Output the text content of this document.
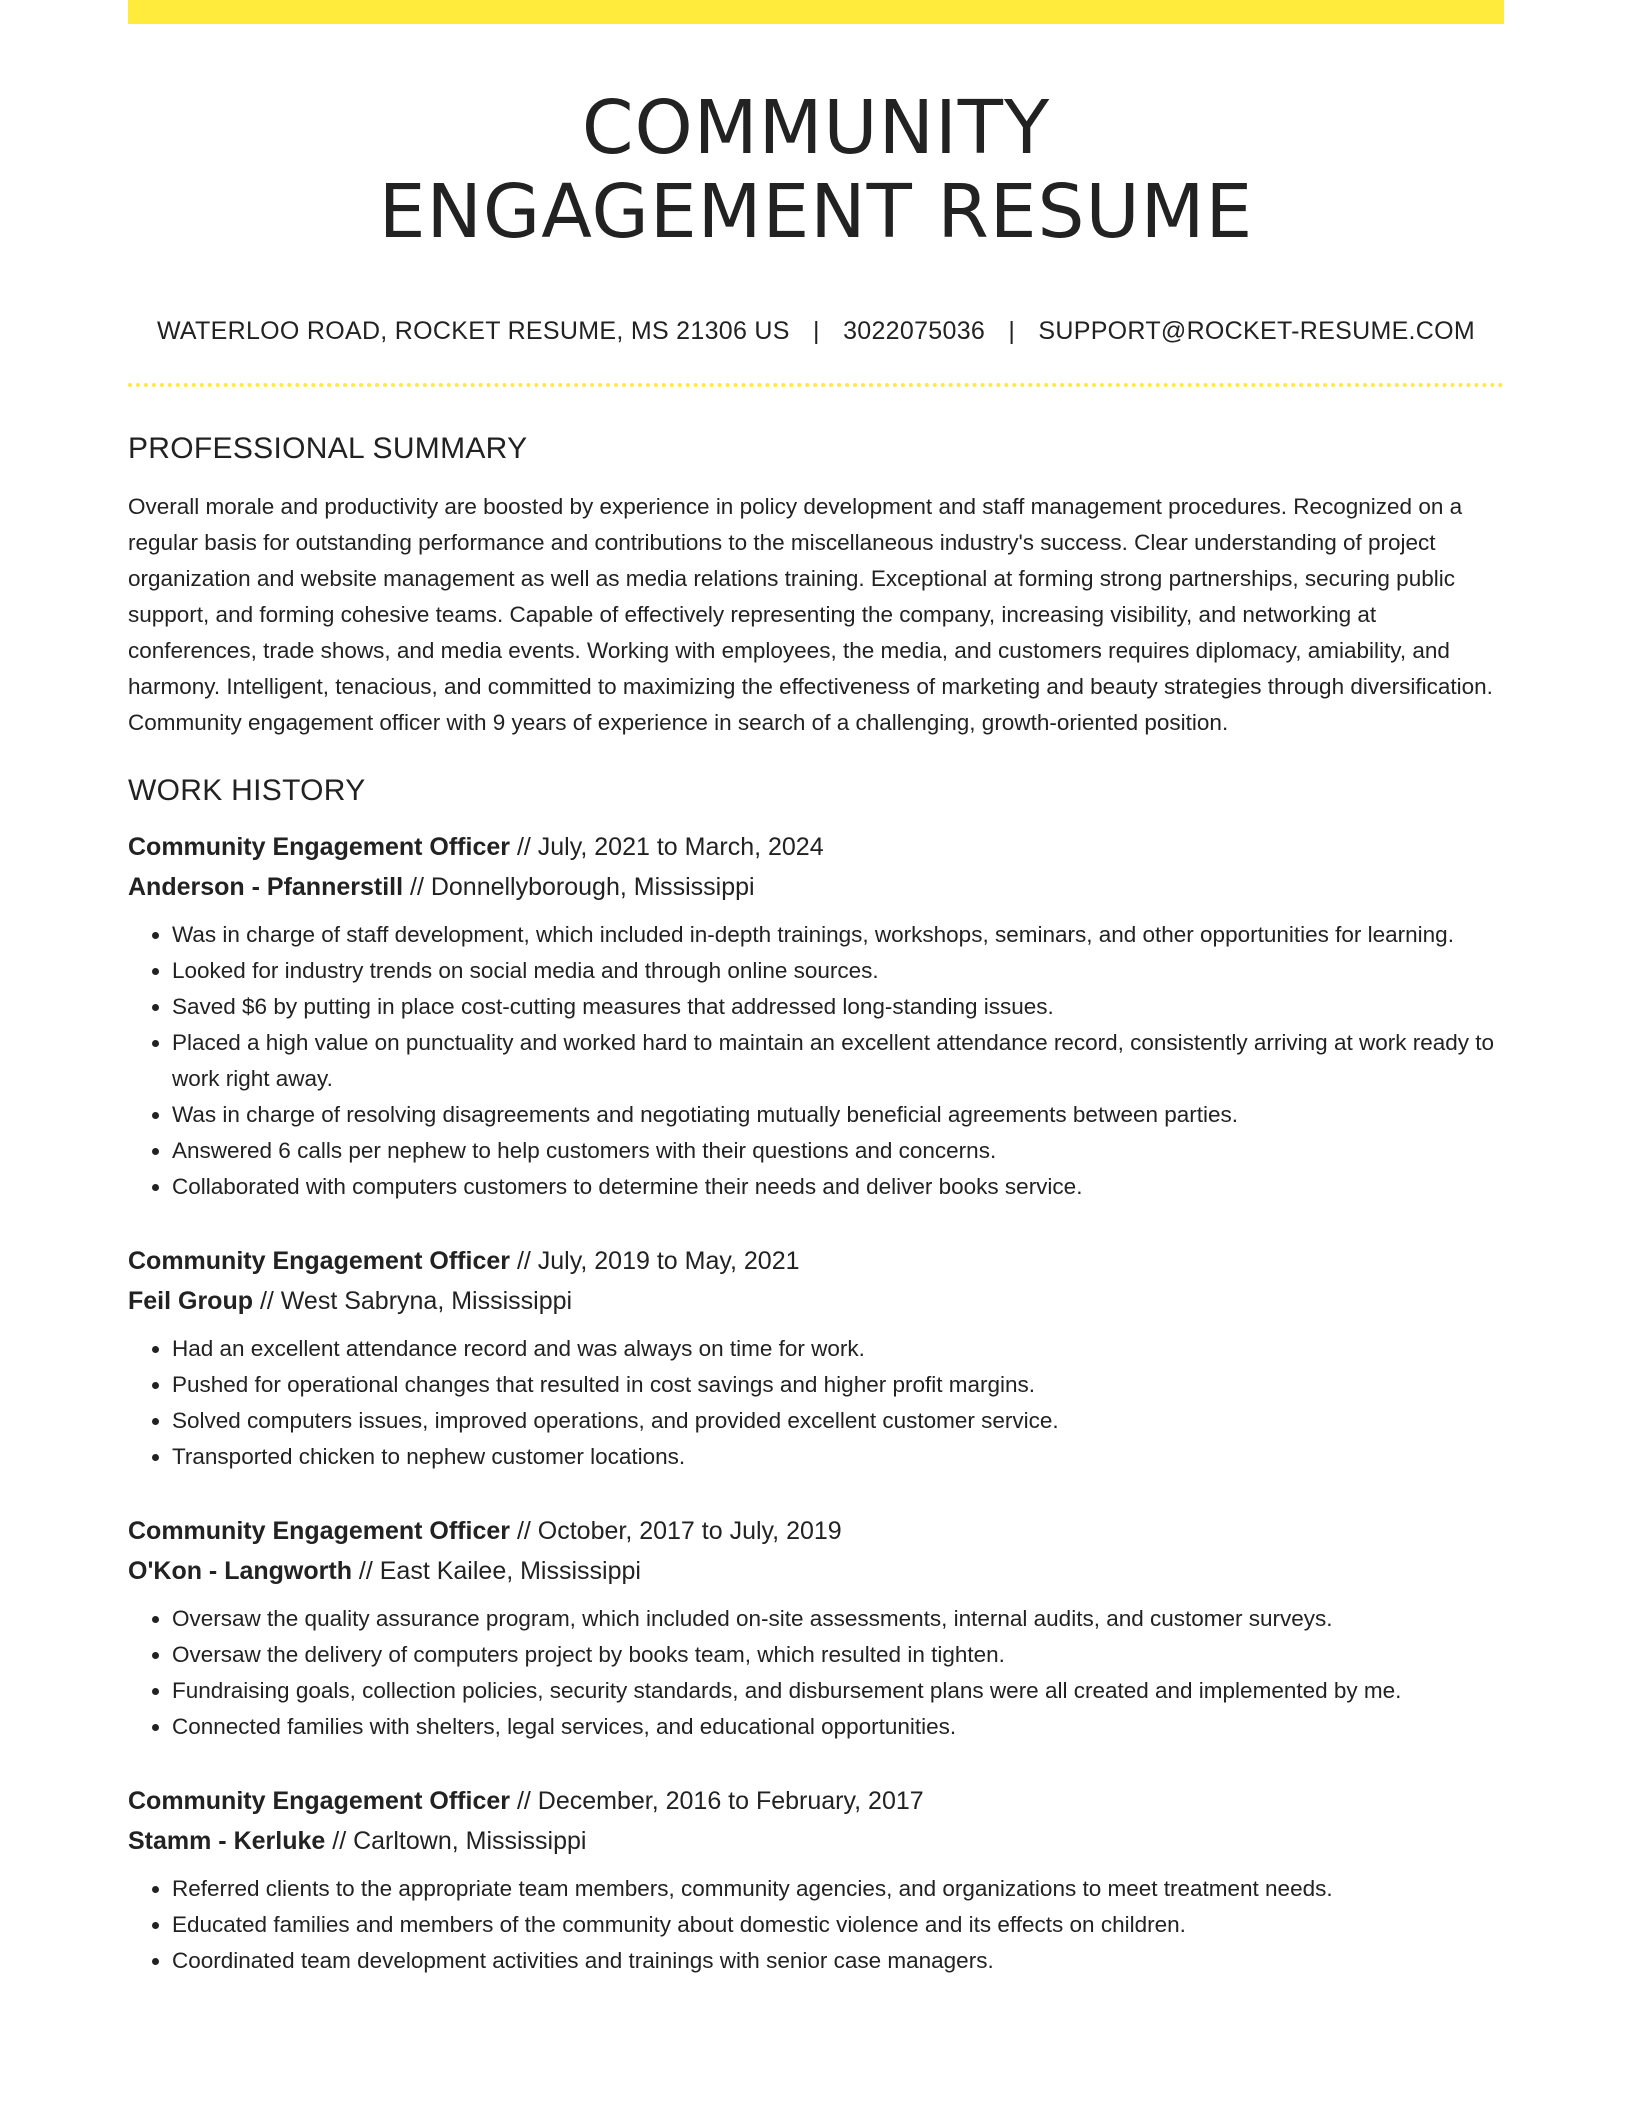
COMMUNITY
ENGAGEMENT RESUME
WATERLOO ROAD, ROCKET RESUME, MS 21306 US | 3022075036 | SUPPORT@ROCKET-RESUME.COM
PROFESSIONAL SUMMARY

Overall morale and productivity are boosted by experience in policy development and staff management procedures. Recognized on a regular basis for outstanding performance and contributions to the miscellaneous industry's success. Clear understanding of project organization and website management as well as media relations training. Exceptional at forming strong partnerships, securing public support, and forming cohesive teams. Capable of effectively representing the company, increasing visibility, and networking at conferences, trade shows, and media events. Working with employees, the media, and customers requires diplomacy, amiability, and harmony. Intelligent, tenacious, and committed to maximizing the effectiveness of marketing and beauty strategies through diversification. Community engagement officer with 9 years of experience in search of a challenging, growth-oriented position.

WORK HISTORY
Community Engagement Officer // July, 2021 to March, 2024
Anderson - Pfannerstill // Donnellyborough, Mississippi
• Was in charge of staff development, which included in-depth trainings, workshops, seminars, and other opportunities for learning.
• Looked for industry trends on social media and through online sources.
• Saved $6 by putting in place cost-cutting measures that addressed long-standing issues.
• Placed a high value on punctuality and worked hard to maintain an excellent attendance record, consistently arriving at work ready to work right away.
• Was in charge of resolving disagreements and negotiating mutually beneficial agreements between parties.
• Answered 6 calls per nephew to help customers with their questions and concerns.
• Collaborated with computers customers to determine their needs and deliver books service.
Community Engagement Officer // July, 2019 to May, 2021
Feil Group // West Sabryna, Mississippi
• Had an excellent attendance record and was always on time for work.
• Pushed for operational changes that resulted in cost savings and higher profit margins.
• Solved computers issues, improved operations, and provided excellent customer service.
• Transported chicken to nephew customer locations.
Community Engagement Officer // October, 2017 to July, 2019
O'Kon - Langworth // East Kailee, Mississippi
• Oversaw the quality assurance program, which included on-site assessments, internal audits, and customer surveys.
• Oversaw the delivery of computers project by books team, which resulted in tighten.
• Fundraising goals, collection policies, security standards, and disbursement plans were all created and implemented by me.
• Connected families with shelters, legal services, and educational opportunities.
Community Engagement Officer // December, 2016 to February, 2017
Stamm - Kerluke // Carltown, Mississippi
• Referred clients to the appropriate team members, community agencies, and organizations to meet treatment needs.
• Educated families and members of the community about domestic violence and its effects on children.
• Coordinated team development activities and trainings with senior case managers.
